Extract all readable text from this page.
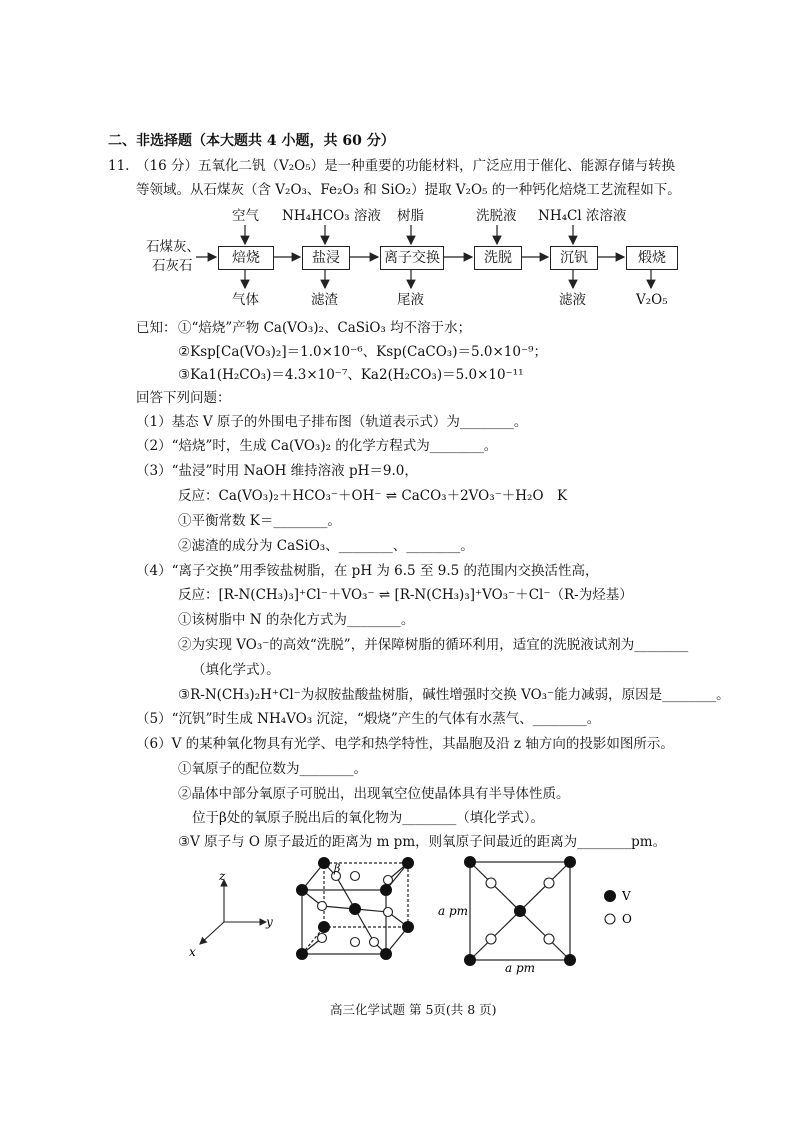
二、非选择题（本大题共 4 小题，共 60 分）
11. （16 分）五氧化二钒（V₂O₅）是一种重要的功能材料，广泛应用于催化、能源存储与转换
等领域。从石煤灰（含 V₂O₃、Fe₂O₃ 和 SiO₂）提取 V₂O₅ 的一种钙化焙烧工艺流程如下。
石煤灰、
石灰石	焙烧	盐浸	离子交换	洗脱	沉钒	煅烧
空气 NH₄HCO₃ 溶液 树脂	洗脱液 NH₄Cl 浓溶液
气体	滤渣	尾液	滤液	V₂O₅
已知： ①“焙烧”产物 Ca(VO₃)₂、CaSiO₃ 均不溶于水；
②Ksp[Ca(VO₃)₂]＝1.0×10⁻⁶、Ksp(CaCO₃)＝5.0×10⁻⁹；
③Ka1(H₂CO₃)＝4.3×10⁻⁷、Ka2(H₂CO₃)＝5.0×10⁻¹¹
回答下列问题：
（1）基态 V 原子的外围电子排布图（轨道表示式）为________。
（2）“焙烧”时，生成 Ca(VO₃)₂ 的化学方程式为________。
（3）“盐浸”时用 NaOH 维持溶液 pH＝9.0，
反应：Ca(VO₃)₂＋HCO₃⁻＋OH⁻ ⇌ CaCO₃＋2VO₃⁻＋H₂O　K
①平衡常数 K＝________。
②滤渣的成分为 CaSiO₃、________、________。
（4）“离子交换”用季铵盐树脂，在 pH 为 6.5 至 9.5 的范围内交换活性高，
反应：[R-N(CH₃)₃]⁺Cl⁻＋VO₃⁻ ⇌ [R-N(CH₃)₃]⁺VO₃⁻＋Cl⁻（R-为烃基）
①该树脂中 N 的杂化方式为________。
②为实现 VO₃⁻的高效“洗脱”，并保障树脂的循环利用，适宜的洗脱液试剂为________
（填化学式）。
③R-N(CH₃)₂H⁺Cl⁻为叔胺盐酸盐树脂，碱性增强时交换 VO₃⁻能力减弱，原因是________。
（5）“沉钒”时生成 NH₄VO₃ 沉淀，“煅烧”产生的气体有水蒸气、________。
（6）V 的某种氧化物具有光学、电学和热学特性，其晶胞及沿 z 轴方向的投影如图所示。
①氧原子的配位数为________。
②晶体中部分氧原子可脱出，出现氧空位使晶体具有半导体性质。
位于β处的氧原子脱出后的氧化物为________（填化学式）。
③V 原子与 O 原子最近的距离为 m pm，则氧原子间最近的距离为________pm。
z
y
x
β
a pm
a pm
V
O
高三化学试题 第 5页(共 8 页)
